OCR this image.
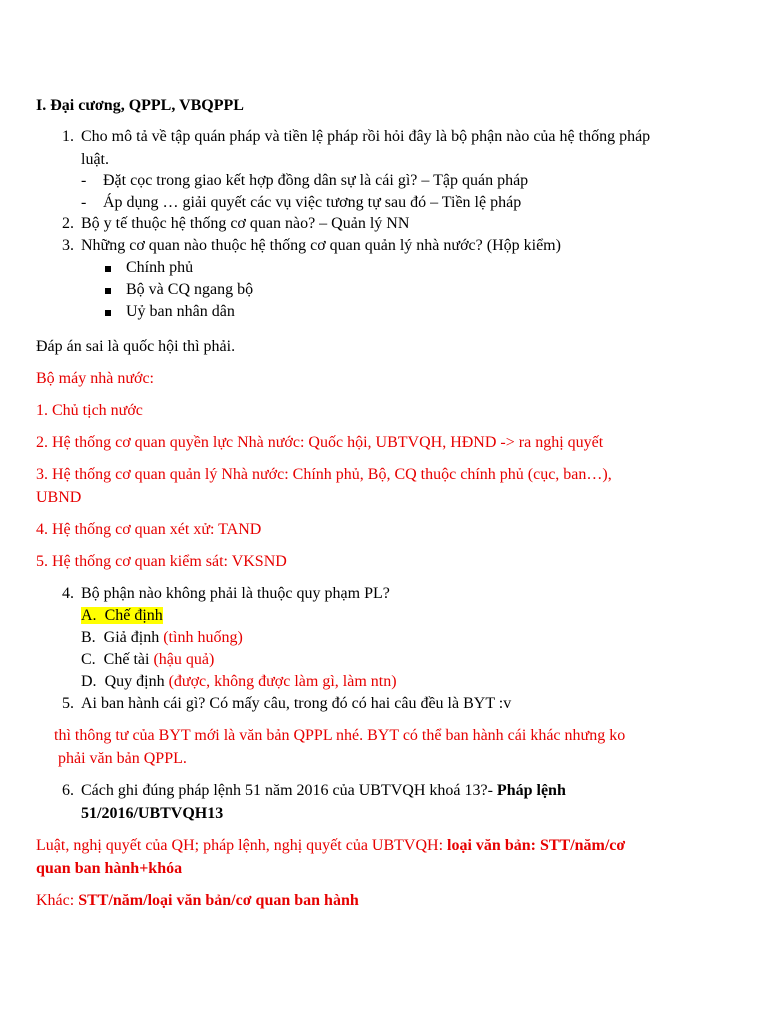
I. Đại cương, QPPL, VBQPPL
1. Cho mô tả về tập quán pháp và tiền lệ pháp rồi hỏi đây là bộ phận nào của hệ thống pháp
luật.
- Đặt cọc trong giao kết hợp đồng dân sự là cái gì? – Tập quán pháp
- Áp dụng … giải quyết các vụ việc tương tự sau đó – Tiền lệ pháp
2. Bộ y tế thuộc hệ thống cơ quan nào? – Quản lý NN
3. Những cơ quan nào thuộc hệ thống cơ quan quản lý nhà nước? (Hộp kiểm)
Chính phủ
Bộ và CQ ngang bộ
Uỷ ban nhân dân
Đáp án sai là quốc hội thì phải.
Bộ máy nhà nước:
1. Chủ tịch nước
2. Hệ thống cơ quan quyền lực Nhà nước: Quốc hội, UBTVQH, HĐND -> ra nghị quyết
3. Hệ thống cơ quan quản lý Nhà nước: Chính phủ, Bộ, CQ thuộc chính phủ (cục, ban…),
UBND
4. Hệ thống cơ quan xét xử: TAND
5. Hệ thống cơ quan kiểm sát: VKSND
4. Bộ phận nào không phải là thuộc quy phạm PL?
A. Chế định
B. Giả định (tình huống)
C. Chế tài (hậu quả)
D. Quy định (được, không được làm gì, làm ntn)
5. Ai ban hành cái gì? Có mấy câu, trong đó có hai câu đều là BYT :v
thì thông tư của BYT mới là văn bản QPPL nhé. BYT có thể ban hành cái khác nhưng ko
phải văn bản QPPL.
6. Cách ghi đúng pháp lệnh 51 năm 2016 của UBTVQH khoá 13?- Pháp lệnh
51/2016/UBTVQH13
Luật, nghị quyết của QH; pháp lệnh, nghị quyết của UBTVQH: loại văn bản: STT/năm/cơ
quan ban hành+khóa
Khác: STT/năm/loại văn bản/cơ quan ban hành
